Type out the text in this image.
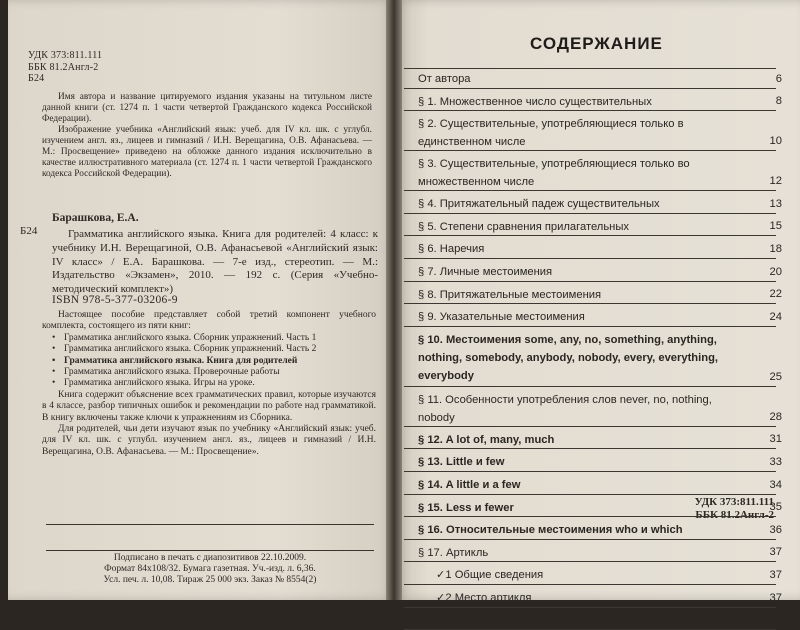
УДК 373:811.111
ББК 81.2Англ-2
Б24

Имя автора и название цитируемого издания указаны на титульном листе данной книги (ст. 1274 п. 1 части четвертой Гражданского кодекса Российской Федерации).

Изображение учебника «Английский язык: учеб. для IV кл. шк. с углубл. изучением англ. яз., лицеев и гимназий / И.Н. Верещагина, О.В. Афанасьева. — М.: Просвещение» приведено на обложке данного издания исключительно в качестве иллюстративного материала (ст. 1274 п. 1 части четвертой Гражданского кодекса Российской Федерации).

Б24
Барашкова, Е.А.
Грамматика английского языка. Книга для родителей: 4 класс: к учебнику И.Н. Верещагиной, О.В. Афанасьевой «Английский язык: IV класс» / Е.А. Барашкова. — 7-е изд., стереотип. — М.: Издательство «Экзамен», 2010. — 192 с. (Серия «Учебно-методический комплект»)
ISBN 978-5-377-03206-9

Настоящее пособие представляет собой третий компонент учебного комплекта, состоящего из пяти книг:

• Грамматика английского языка. Сборник упражнений. Часть 1
• Грамматика английского языка. Сборник упражнений. Часть 2
• Грамматика английского языка. Книга для родителей
• Грамматика английского языка. Проверочные работы
• Грамматика английского языка. Игры на уроке.

Книга содержит объяснение всех грамматических правил, которые изучаются в 4 классе, разбор типичных ошибок и рекомендации по работе над грамматикой. В книгу включены также ключи к упражнениям из Сборника.

Для родителей, чьи дети изучают язык по учебнику «Английский язык: учеб. для IV кл. шк. с углубл. изучением англ. яз., лицеев и гимназий / И.Н. Верещагина, О.В. Афанасьева. — М.: Просвещение».

УДК 373:811.111
ББК 81.2Англ-2
Подписано в печать с диапозитивов 22.10.2009.
Формат 84x108/32. Бумага газетная. Уч.-изд. л. 6,36.
Усл. печ. л. 10,08. Тираж 25 000 экз. Заказ № 8554(2)
СОДЕРЖАНИЕ
От автора	6
§ 1. Множественное число существительных	8
§ 2. Существительные, употребляющиеся только в единственном числе	10
§ 3. Существительные, употребляющиеся только во множественном числе	12
§ 4. Притяжательный падеж существительных	13
§ 5. Степени сравнения прилагательных	15
§ 6. Наречия	18
§ 7. Личные местоимения	20
§ 8. Притяжательные местоимения	22
§ 9. Указательные местоимения	24
§ 10. Местоимения some, any, no, something, anything, nothing, somebody, anybody, nobody, every, everything, everybody	25
§ 11. Особенности употребления слов never, no, nothing, nobody	28
§ 12. A lot of, many, much	31
§ 13. Little и few	33
§ 14. A little и a few	34
§ 15. Less и fewer	35
§ 16. Относительные местоимения who и which	36
§ 17. Артикль	37
✓1 Общие сведения	37
✓2 Место артикля	37
✓3 Употребление артикля с исчисляемыми
